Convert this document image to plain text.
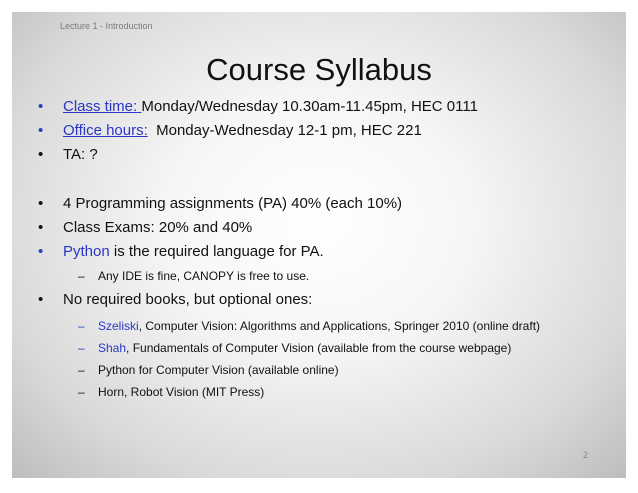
Lecture 1 - Introduction
Course Syllabus
• Class time: Monday/Wednesday 10.30am-11.45pm, HEC 0111
• Office hours:  Monday-Wednesday 12-1 pm, HEC 221
• TA: ?
• 4 Programming assignments (PA) 40% (each 10%)
• Class Exams: 20% and 40%
• Python is the required language for PA.
– Any IDE is fine, CANOPY is free to use.
• No required books, but optional ones:
– Szeliski, Computer Vision: Algorithms and Applications, Springer 2010 (online draft)
– Shah, Fundamentals of Computer Vision (available from the course webpage)
– Python for Computer Vision (available online)
– Horn, Robot Vision (MIT Press)
2
